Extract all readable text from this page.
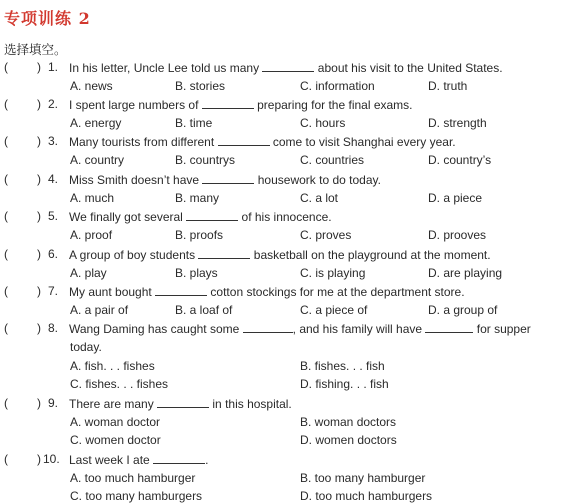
专项训练 2
选择填空。
( ) 1. In his letter, Uncle Lee told us many	about his visit to the United States.
A. news	B. stories	C. information	D. truth
( ) 2. I spent large numbers of	preparing for the final exams.
A. energy	B. time	C. hours	D. strength
( ) 3. Many tourists from different	come to visit Shanghai every year.
A. country	B. countrys	C. countries	D. country’s
( ) 4. Miss Smith doesn’t have	housework to do today.
A. much	B. many	C. a lot	D. a piece
( ) 5. We finally got several	of his innocence.
A. proof	B. proofs	C. proves	D. prooves
( ) 6. A group of boy students	basketball on the playground at the moment.
A. play	B. plays	C. is playing	D. are playing
( ) 7. My aunt bought	cotton stockings for me at the department store.
A. a pair of	B. a loaf of	C. a piece of	D. a group of
( ) 8. Wang Daming has caught some	, and his family will have	for supper
today.
A. fish. . . fishes	B. fishes. . . fish
C. fishes. . . fishes	D. fishing. . . fish
( ) 9. There are many	in this hospital.
A. woman doctor	B. woman doctors
C. women doctor	D. women doctors
( ) 10. Last week I ate	.
A. too much hamburger	B. too many hamburger
C. too many hamburgers	D. too much hamburgers
